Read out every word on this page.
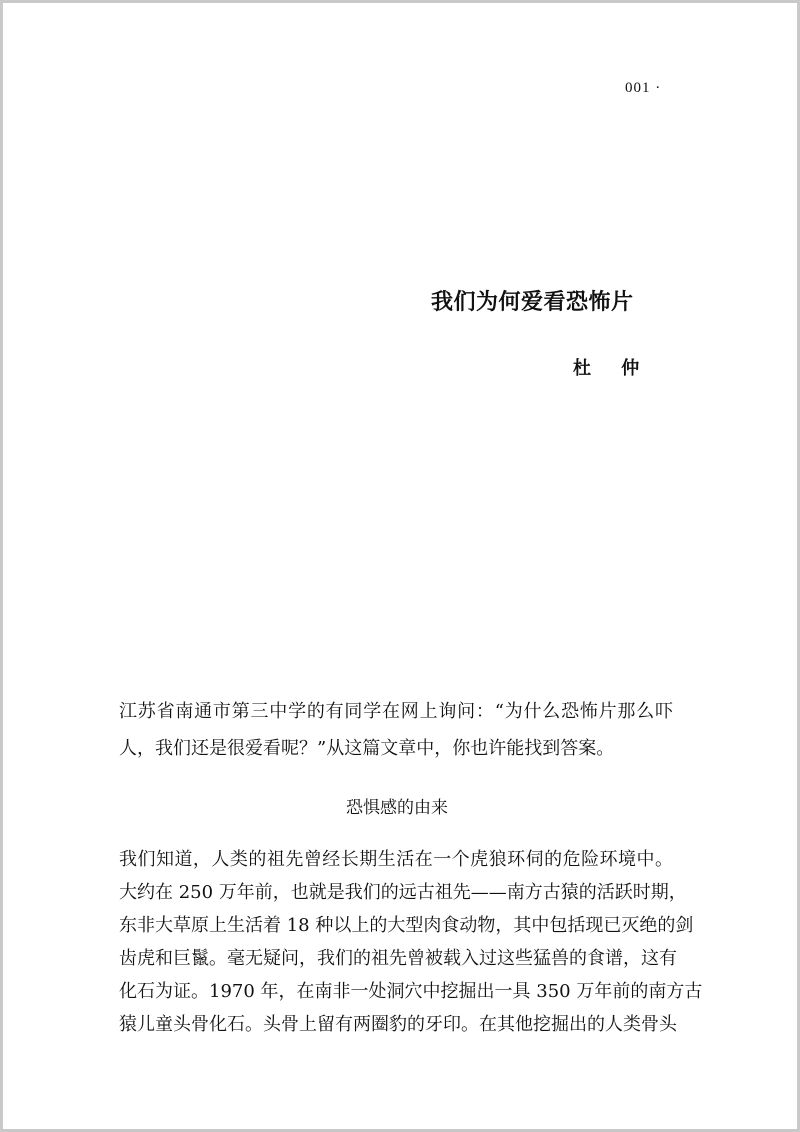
001 ·
我们为何爱看恐怖片
杜 仲
江苏省南通市第三中学的有同学在网上询问：“为什么恐怖片那么吓
人，我们还是很爱看呢？”从这篇文章中，你也许能找到答案。
恐惧感的由来
我们知道，人类的祖先曾经长期生活在一个虎狼环伺的危险环境中。
大约在 250 万年前，也就是我们的远古祖先——南方古猿的活跃时期，
东非大草原上生活着 18 种以上的大型肉食动物，其中包括现已灭绝的剑
齿虎和巨鬣。毫无疑问，我们的祖先曾被载入过这些猛兽的食谱，这有
化石为证。1970 年，在南非一处洞穴中挖掘出一具 350 万年前的南方古
猿儿童头骨化石。头骨上留有两圈豹的牙印。在其他挖掘出的人类骨头
